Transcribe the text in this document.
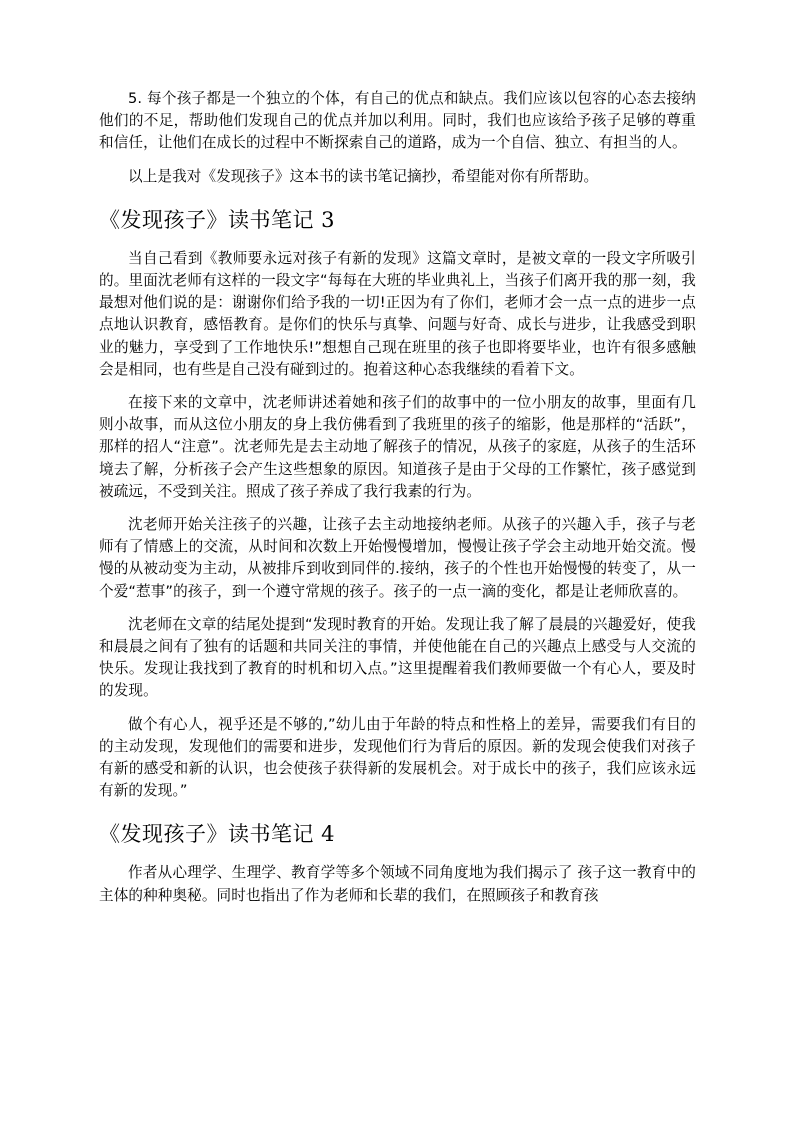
5. 每个孩子都是一个独立的个体，有自己的优点和缺点。我们应该以包容的心态去接纳他们的不足，帮助他们发现自己的优点并加以利用。同时，我们也应该给予孩子足够的尊重和信任，让他们在成长的过程中不断探索自己的道路，成为一个自信、独立、有担当的人。

以上是我对《发现孩子》这本书的读书笔记摘抄，希望能对你有所帮助。

《发现孩子》读书笔记 3

当自己看到《教师要永远对孩子有新的发现》这篇文章时，是被文章的一段文字所吸引的。里面沈老师有这样的一段文字“每每在大班的毕业典礼上，当孩子们离开我的那一刻，我最想对他们说的是：谢谢你们给予我的一切!正因为有了你们，老师才会一点一点的进步一点点地认识教育，感悟教育。是你们的快乐与真挚、问题与好奇、成长与进步，让我感受到职业的魅力，享受到了工作地快乐!”想想自己现在班里的孩子也即将要毕业，也许有很多感触会是相同，也有些是自己没有碰到过的。抱着这种心态我继续的看着下文。

在接下来的文章中，沈老师讲述着她和孩子们的故事中的一位小朋友的故事，里面有几则小故事，而从这位小朋友的身上我仿佛看到了我班里的孩子的缩影，他是那样的“活跃”，那样的招人“注意”。沈老师先是去主动地了解孩子的情况，从孩子的家庭，从孩子的生活环境去了解，分析孩子会产生这些想象的原因。知道孩子是由于父母的工作繁忙，孩子感觉到被疏远，不受到关注。照成了孩子养成了我行我素的行为。

沈老师开始关注孩子的兴趣，让孩子去主动地接纳老师。从孩子的兴趣入手，孩子与老师有了情感上的交流，从时间和次数上开始慢慢增加，慢慢让孩子学会主动地开始交流。慢慢的从被动变为主动，从被排斥到收到同伴的.接纳，孩子的个性也开始慢慢的转变了，从一个爱“惹事”的孩子，到一个遵守常规的孩子。孩子的一点一滴的变化，都是让老师欣喜的。

沈老师在文章的结尾处提到“发现时教育的开始。发现让我了解了晨晨的兴趣爱好，使我和晨晨之间有了独有的话题和共同关注的事情，并使他能在自己的兴趣点上感受与人交流的快乐。发现让我找到了教育的时机和切入点。”这里提醒着我们教师要做一个有心人，要及时的发现。

做个有心人，视乎还是不够的,”幼儿由于年龄的特点和性格上的差异，需要我们有目的的主动发现，发现他们的需要和进步，发现他们行为背后的原因。新的发现会使我们对孩子有新的感受和新的认识，也会使孩子获得新的发展机会。对于成长中的孩子，我们应该永远有新的发现。”

《发现孩子》读书笔记 4

作者从心理学、生理学、教育学等多个领域不同角度地为我们揭示了 孩子这一教育中的主体的种种奥秘。同时也指出了作为老师和长辈的我们，在照顾孩子和教育孩
